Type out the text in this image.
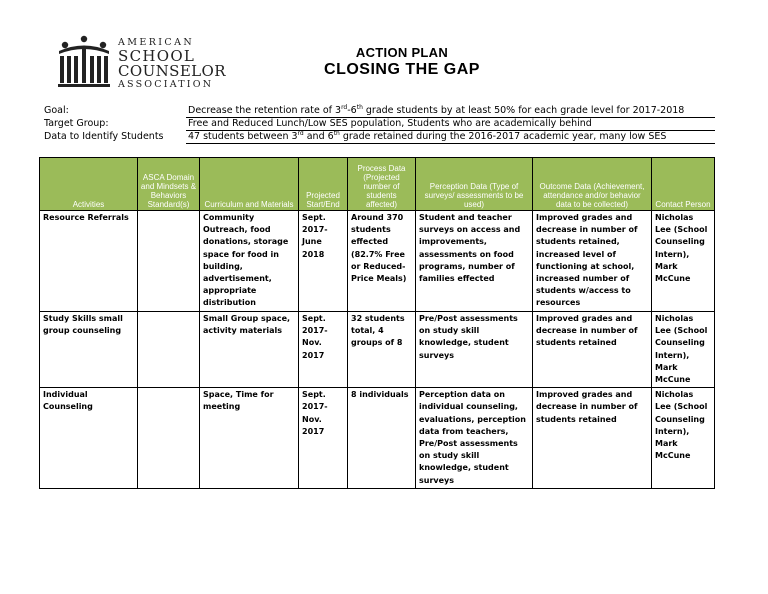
AMERICAN
SCHOOL
COUNSELOR
ASSOCIATION
ACTION PLAN
CLOSING THE GAP
Goal:	Decrease the retention rate of 3rd-6th grade students by at least 50% for each grade level for 2017-2018
Target Group:	Free and Reduced Lunch/Low SES population, Students who are academically behind
Data to Identify Students	47 students between 3rd and 6th grade retained during the 2016-2017 academic year, many low SES
Activities	ASCA Domain and Mindsets & Behaviors Standard(s)	Curriculum and Materials	Projected Start/End	Process Data (Projected number of students affected)	Perception Data (Type of surveys/ assessments to be used)	Outcome Data (Achievement, attendance and/or behavior data to be collected)	Contact Person
Resource Referrals		Community Outreach, food donations, storage space for food in building, advertisement, appropriate distribution	Sept. 2017- June 2018	Around 370 students effected (82.7% Free or Reduced-Price Meals)	Student and teacher surveys on access and improvements, assessments on food programs, number of families effected	Improved grades and decrease in number of students retained, increased level of functioning at school, increased number of students w/access to resources	Nicholas Lee (School Counseling Intern), Mark McCune
Study Skills small group counseling		Small Group space, activity materials	Sept. 2017- Nov. 2017	32 students total, 4 groups of 8	Pre/Post assessments on study skill knowledge, student surveys	Improved grades and decrease in number of students retained	Nicholas Lee (School Counseling Intern), Mark McCune
Individual Counseling		Space, Time for meeting	Sept. 2017- Nov. 2017	8 individuals	Perception data on individual counseling, evaluations, perception data from teachers, Pre/Post assessments on study skill knowledge, student surveys	Improved grades and decrease in number of students retained	Nicholas Lee (School Counseling Intern), Mark McCune
